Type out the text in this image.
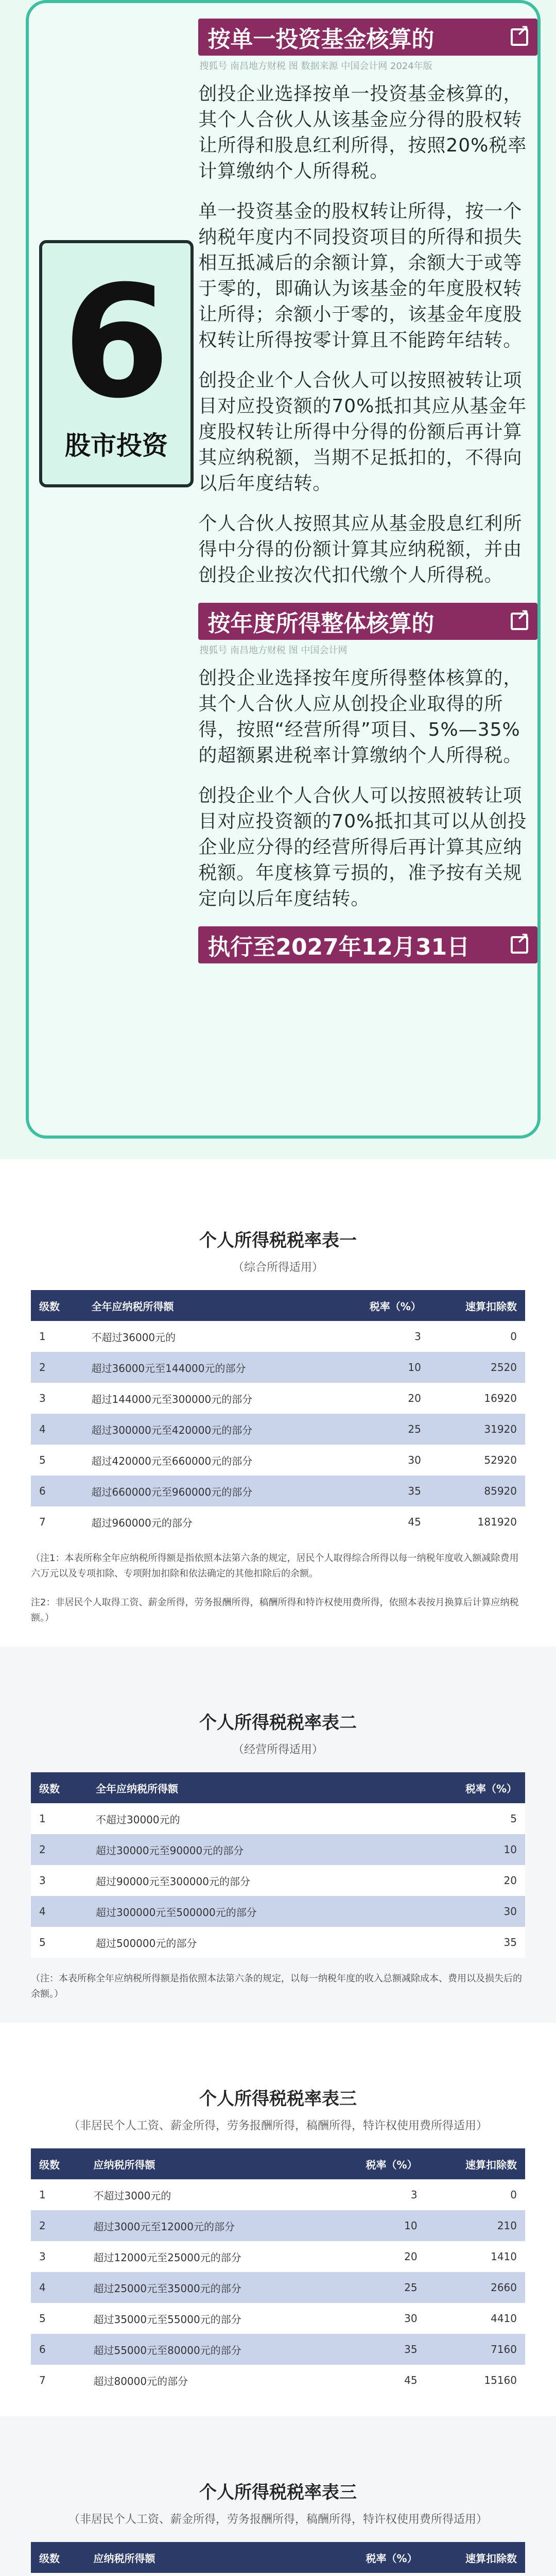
6
股市投资
按单一投资基金核算的
↗
搜狐号 南昌地方财税 图 数据来源 中国会计网 2024年版
创投企业选择按单一投资基金核算的，其个人合伙人从该基金应分得的股权转让所得和股息红利所得，按照20%税率计算缴纳个人所得税。
单一投资基金的股权转让所得，按一个纳税年度内不同投资项目的所得和损失相互抵减后的余额计算，余额大于或等于零的，即确认为该基金的年度股权转让所得；余额小于零的，该基金年度股权转让所得按零计算且不能跨年结转。
创投企业个人合伙人可以按照被转让项目对应投资额的70%抵扣其应从基金年度股权转让所得中分得的份额后再计算其应纳税额，当期不足抵扣的，不得向以后年度结转。
个人合伙人按照其应从基金股息红利所得中分得的份额计算其应纳税额，并由创投企业按次代扣代缴个人所得税。
按年度所得整体核算的
↗
搜狐号 南昌地方财税 图 中国会计网
创投企业选择按年度所得整体核算的，其个人合伙人应从创投企业取得的所得，按照“经营所得”项目、5%—35%的超额累进税率计算缴纳个人所得税。
创投企业个人合伙人可以按照被转让项目对应投资额的70%抵扣其可以从创投企业应分得的经营所得后再计算其应纳税额。年度核算亏损的，准予按有关规定向以后年度结转。
执行至2027年12月31日
↗
个人所得税税率表一
（综合所得适用）
级数	全年应纳税所得额	税率（%）	速算扣除数
1	不超过36000元的	3	0
2	超过36000元至144000元的部分	10	2520
3	超过144000元至300000元的部分	20	16920
4	超过300000元至420000元的部分	25	31920
5	超过420000元至660000元的部分	30	52920
6	超过660000元至960000元的部分	35	85920
7	超过960000元的部分	45	181920
（注1：本表所称全年应纳税所得额是指依照本法第六条的规定，居民个人取得综合所得以每一纳税年度收入额减除费用六万元以及专项扣除、专项附加扣除和依法确定的其他扣除后的余额。
注2：非居民个人取得工资、薪金所得，劳务报酬所得，稿酬所得和特许权使用费所得，依照本表按月换算后计算应纳税额。）
个人所得税税率表二
（经营所得适用）
级数	全年应纳税所得额	税率（%）
1	不超过30000元的	5
2	超过30000元至90000元的部分	10
3	超过90000元至300000元的部分	20
4	超过300000元至500000元的部分	30
5	超过500000元的部分	35
（注：本表所称全年应纳税所得额是指依照本法第六条的规定，以每一纳税年度的收入总额减除成本、费用以及损失后的余额。）
个人所得税税率表三
（非居民个人工资、薪金所得，劳务报酬所得，稿酬所得，特许权使用费所得适用）
级数	应纳税所得额	税率（%）	速算扣除数
1	不超过3000元的	3	0
2	超过3000元至12000元的部分	10	210
3	超过12000元至25000元的部分	20	1410
4	超过25000元至35000元的部分	25	2660
5	超过35000元至55000元的部分	30	4410
6	超过55000元至80000元的部分	35	7160
7	超过80000元的部分	45	15160
个人所得税税率表三
（非居民个人工资、薪金所得，劳务报酬所得，稿酬所得，特许权使用费所得适用）
级数	应纳税所得额	税率（%）	速算扣除数
